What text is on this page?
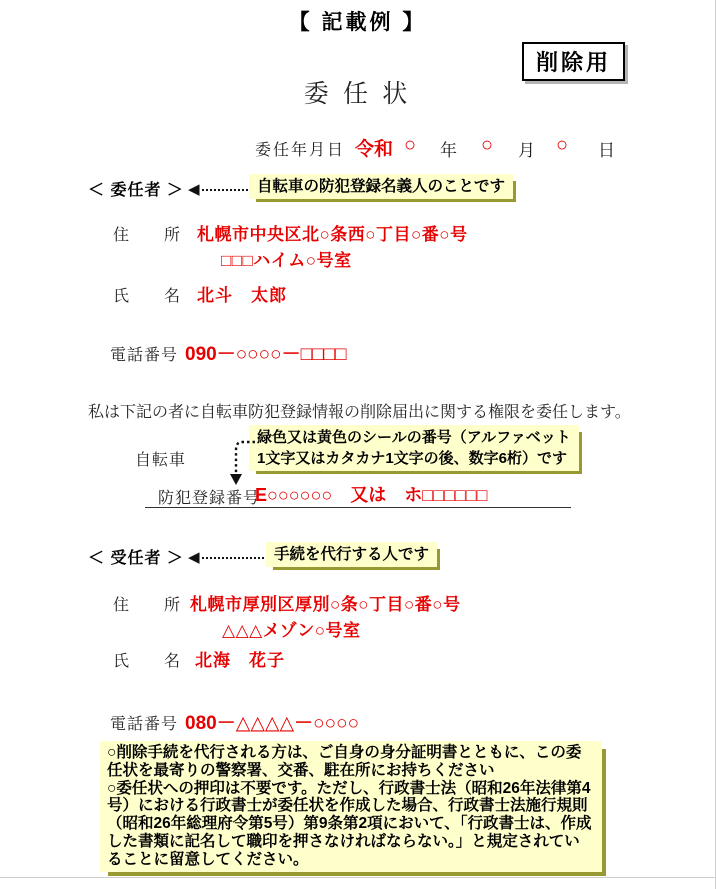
【 記載例 】
削除用
委 任 状
委任年月日 令和 ○ 年 ○ 月 ○ 日
＜ 委任者 ＞ ◀	自転車の防犯登録名義人のことです
住　　所 札幌市中央区北○条西○丁目○番○号
□□□ハイム○号室
氏　　名 北斗　太郎
電話番号 090－○○○○－□□□□
私は下記の者に自転車防犯登録情報の削除届出に関する権限を委任します。
緑色又は黄色のシールの番号（アルファベット
1文字又はカタカナ1文字の後、数字6桁）です
自転車
防犯登録番号
E○○○○○○　又は　ホ□□□□□□
＜ 受任者 ＞ ◀	手続を代行する人です
住　　所 札幌市厚別区厚別○条○丁目○番○号
△△△メゾン○号室
氏　　名 北海　花子
電話番号 080－△△△△－○○○○

○削除手続を代行される方は、ご自身の身分証明書とともに、この委任状を最寄りの警察署、交番、駐在所にお持ちください

○委任状への押印は不要です。ただし、行政書士法（昭和26年法律第4号）における行政書士が委任状を作成した場合、行政書士法施行規則（昭和26年総理府令第5号）第9条第2項において、「行政書士は、作成した書類に記名して職印を押さなければならない。」と規定されていることに留意してください。
